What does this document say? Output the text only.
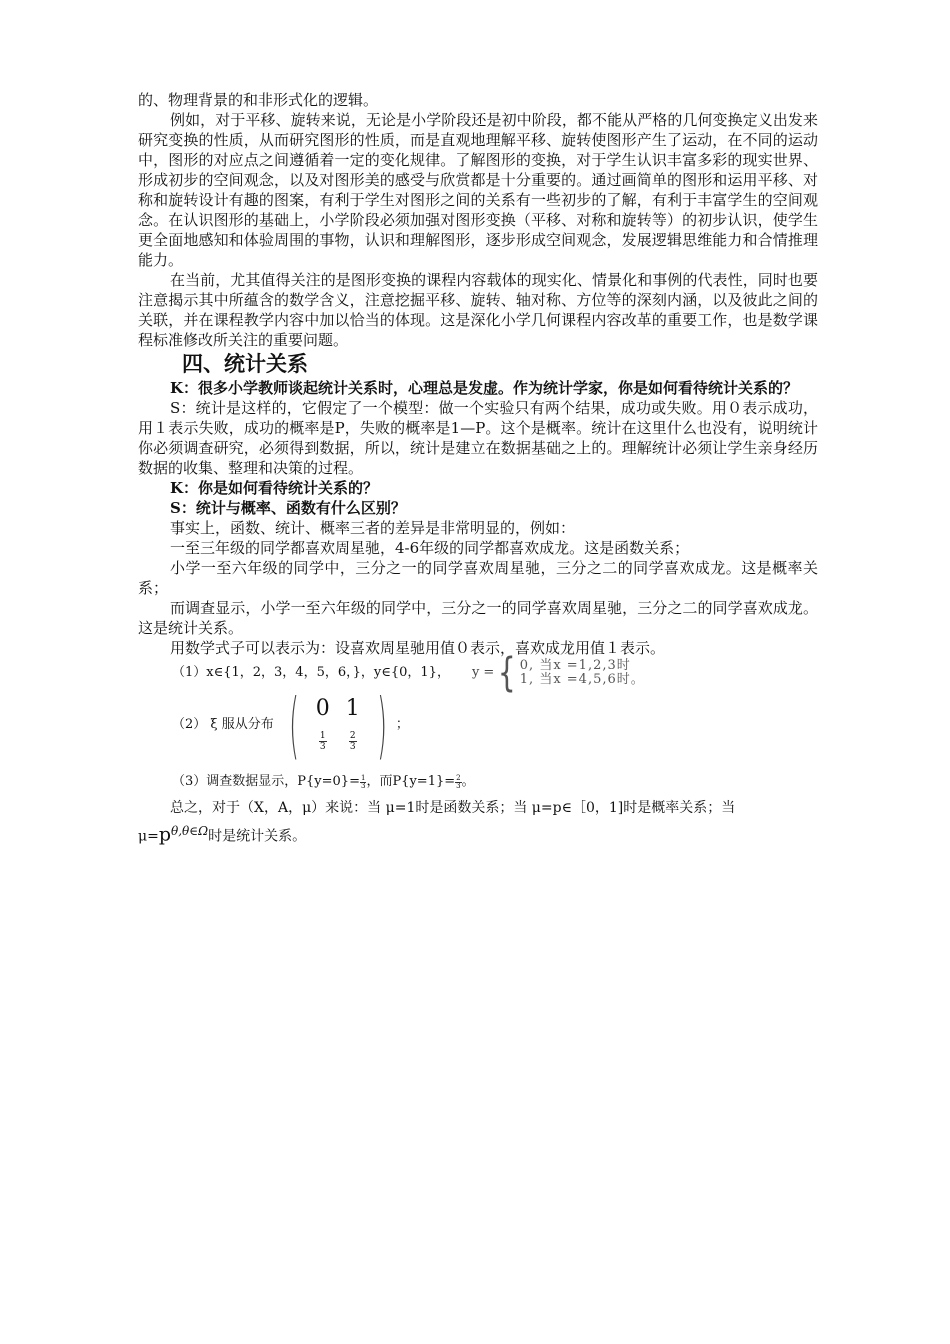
的、物理背景的和非形式化的逻辑。

例如，对于平移、旋转来说，无论是小学阶段还是初中阶段，都不能从严格的几何变换定义出发来研究变换的性质，从而研究图形的性质，而是直观地理解平移、旋转使图形产生了运动，在不同的运动中，图形的对应点之间遵循着一定的变化规律。了解图形的变换，对于学生认识丰富多彩的现实世界、形成初步的空间观念，以及对图形美的感受与欣赏都是十分重要的。通过画简单的图形和运用平移、对称和旋转设计有趣的图案，有利于学生对图形之间的关系有一些初步的了解，有利于丰富学生的空间观念。在认识图形的基础上，小学阶段必须加强对图形变换（平移、对称和旋转等）的初步认识，使学生更全面地感知和体验周围的事物，认识和理解图形，逐步形成空间观念，发展逻辑思维能力和合情推理能力。

在当前，尤其值得关注的是图形变换的课程内容载体的现实化、情景化和事例的代表性，同时也要注意揭示其中所蕴含的数学含义，注意挖掘平移、旋转、轴对称、方位等的深刻内涵，以及彼此之间的关联，并在课程教学内容中加以恰当的体现。这是深化小学几何课程内容改革的重要工作，也是数学课程标准修改所关注的重要问题。

四、统计关系

K：很多小学教师谈起统计关系时，心理总是发虚。作为统计学家，你是如何看待统计关系的？

S：统计是这样的，它假定了一个模型：做一个实验只有两个结果，成功或失败。用０表示成功，用１表示失败，成功的概率是P，失败的概率是1—P。这个是概率。统计在这里什么也没有，说明统计你必须调查研究，必须得到数据，所以，统计是建立在数据基础之上的。理解统计必须让学生亲身经历数据的收集、整理和决策的过程。

K：你是如何看待统计关系的？

S：统计与概率、函数有什么区别？

事实上，函数、统计、概率三者的差异是非常明显的，例如：

一至三年级的同学都喜欢周星驰，4-6年级的同学都喜欢成龙。这是函数关系；

小学一至六年级的同学中，三分之一的同学喜欢周星驰，三分之二的同学喜欢成龙。这是概率关系；

而调查显示，小学一至六年级的同学中，三分之一的同学喜欢周星驰，三分之二的同学喜欢成龙。这是统计关系。

用数学式子可以表示为：设喜欢周星驰用值０表示，喜欢成龙用值１表示。

（1）x∈{1，2，3，4，5，6，}，y∈{0，1}， y = { 0, 当x =1,2,3时
1, 当x =4,5,6时。
（2） ξ 服从分布 ( 0 1
$\frac{1}{3} \frac{2}{3}$ ) ；
（3）调查数据显示，$P\{y=0\}= \frac{1}{3}$ ，而$P\{y=1\}= \frac{2}{3}$ 。

总之，对于（X，A，μ）来说：当 μ=1时是函数关系；当 μ=p∈［0，1]时是概率关系；当

μ=pθ,θ∈Ω时是统计关系。
